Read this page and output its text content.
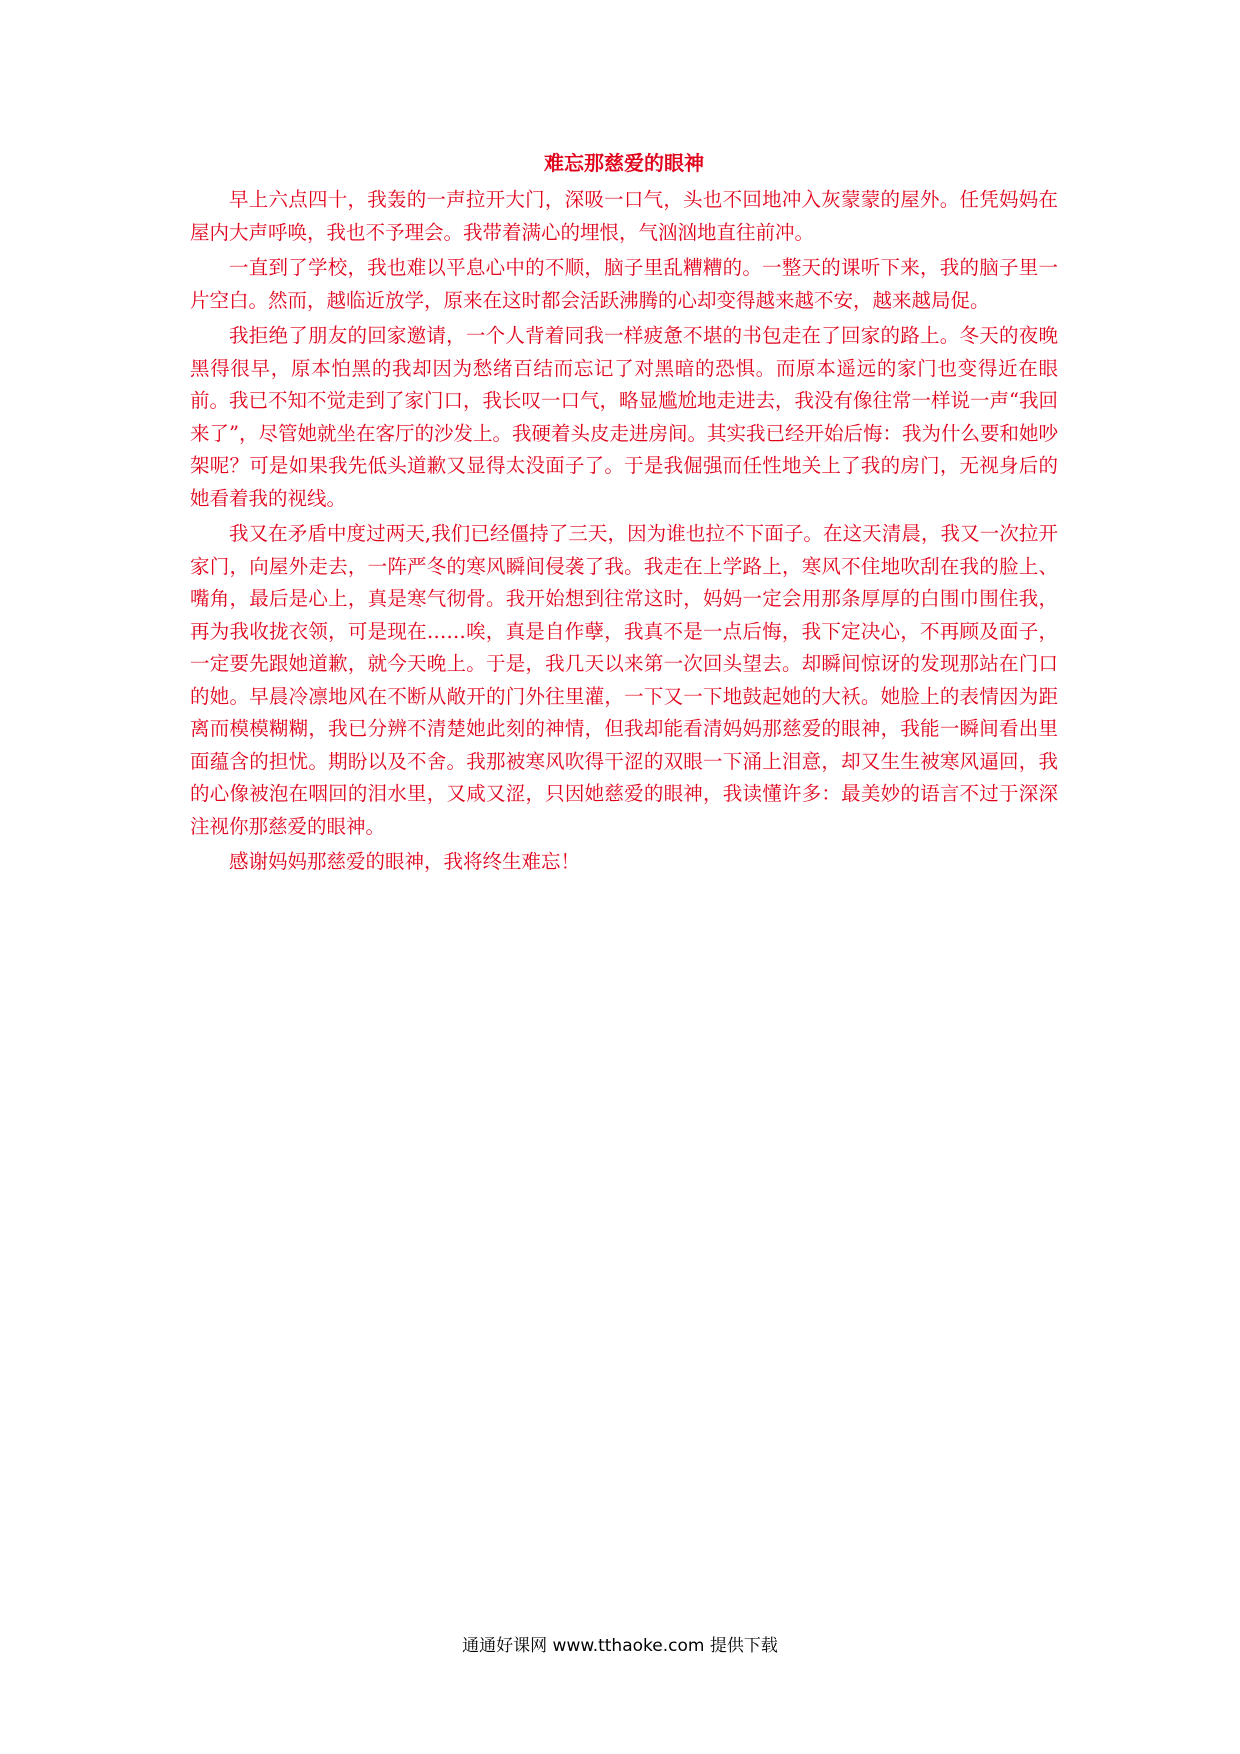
难忘那慈爱的眼神

早上六点四十，我轰的一声拉开大门，深吸一口气，头也不回地冲入灰蒙蒙的屋外。任凭妈妈在屋内大声呼唤，我也不予理会。我带着满心的埋恨，气汹汹地直往前冲。

一直到了学校，我也难以平息心中的不顺，脑子里乱糟糟的。一整天的课听下来，我的脑子里一片空白。然而，越临近放学，原来在这时都会活跃沸腾的心却变得越来越不安，越来越局促。

我拒绝了朋友的回家邀请，一个人背着同我一样疲惫不堪的书包走在了回家的路上。冬天的夜晚黑得很早，原本怕黑的我却因为愁绪百结而忘记了对黑暗的恐惧。而原本遥远的家门也变得近在眼前。我已不知不觉走到了家门口，我长叹一口气，略显尴尬地走进去，我没有像往常一样说一声“我回来了”，尽管她就坐在客厅的沙发上。我硬着头皮走进房间。其实我已经开始后悔：我为什么要和她吵架呢？可是如果我先低头道歉又显得太没面子了。于是我倔强而任性地关上了我的房门，无视身后的她看着我的视线。

我又在矛盾中度过两天,我们已经僵持了三天，因为谁也拉不下面子。在这天清晨，我又一次拉开家门，向屋外走去，一阵严冬的寒风瞬间侵袭了我。我走在上学路上，寒风不住地吹刮在我的脸上、嘴角，最后是心上，真是寒气彻骨。我开始想到往常这时，妈妈一定会用那条厚厚的白围巾围住我，再为我收拢衣领，可是现在……唉，真是自作孽，我真不是一点后悔，我下定决心，不再顾及面子，一定要先跟她道歉，就今天晚上。于是，我几天以来第一次回头望去。却瞬间惊讶的发现那站在门口的她。早晨冷凛地风在不断从敞开的门外往里灌，一下又一下地鼓起她的大袄。她脸上的表情因为距离而模模糊糊，我已分辨不清楚她此刻的神情，但我却能看清妈妈那慈爱的眼神，我能一瞬间看出里面蕴含的担忧。期盼以及不舍。我那被寒风吹得干涩的双眼一下涌上泪意，却又生生被寒风逼回，我的心像被泡在咽回的泪水里，又咸又涩，只因她慈爱的眼神，我读懂许多：最美妙的语言不过于深深注视你那慈爱的眼神。

感谢妈妈那慈爱的眼神，我将终生难忘！

通通好课网 www.tthaoke.com 提供下载
